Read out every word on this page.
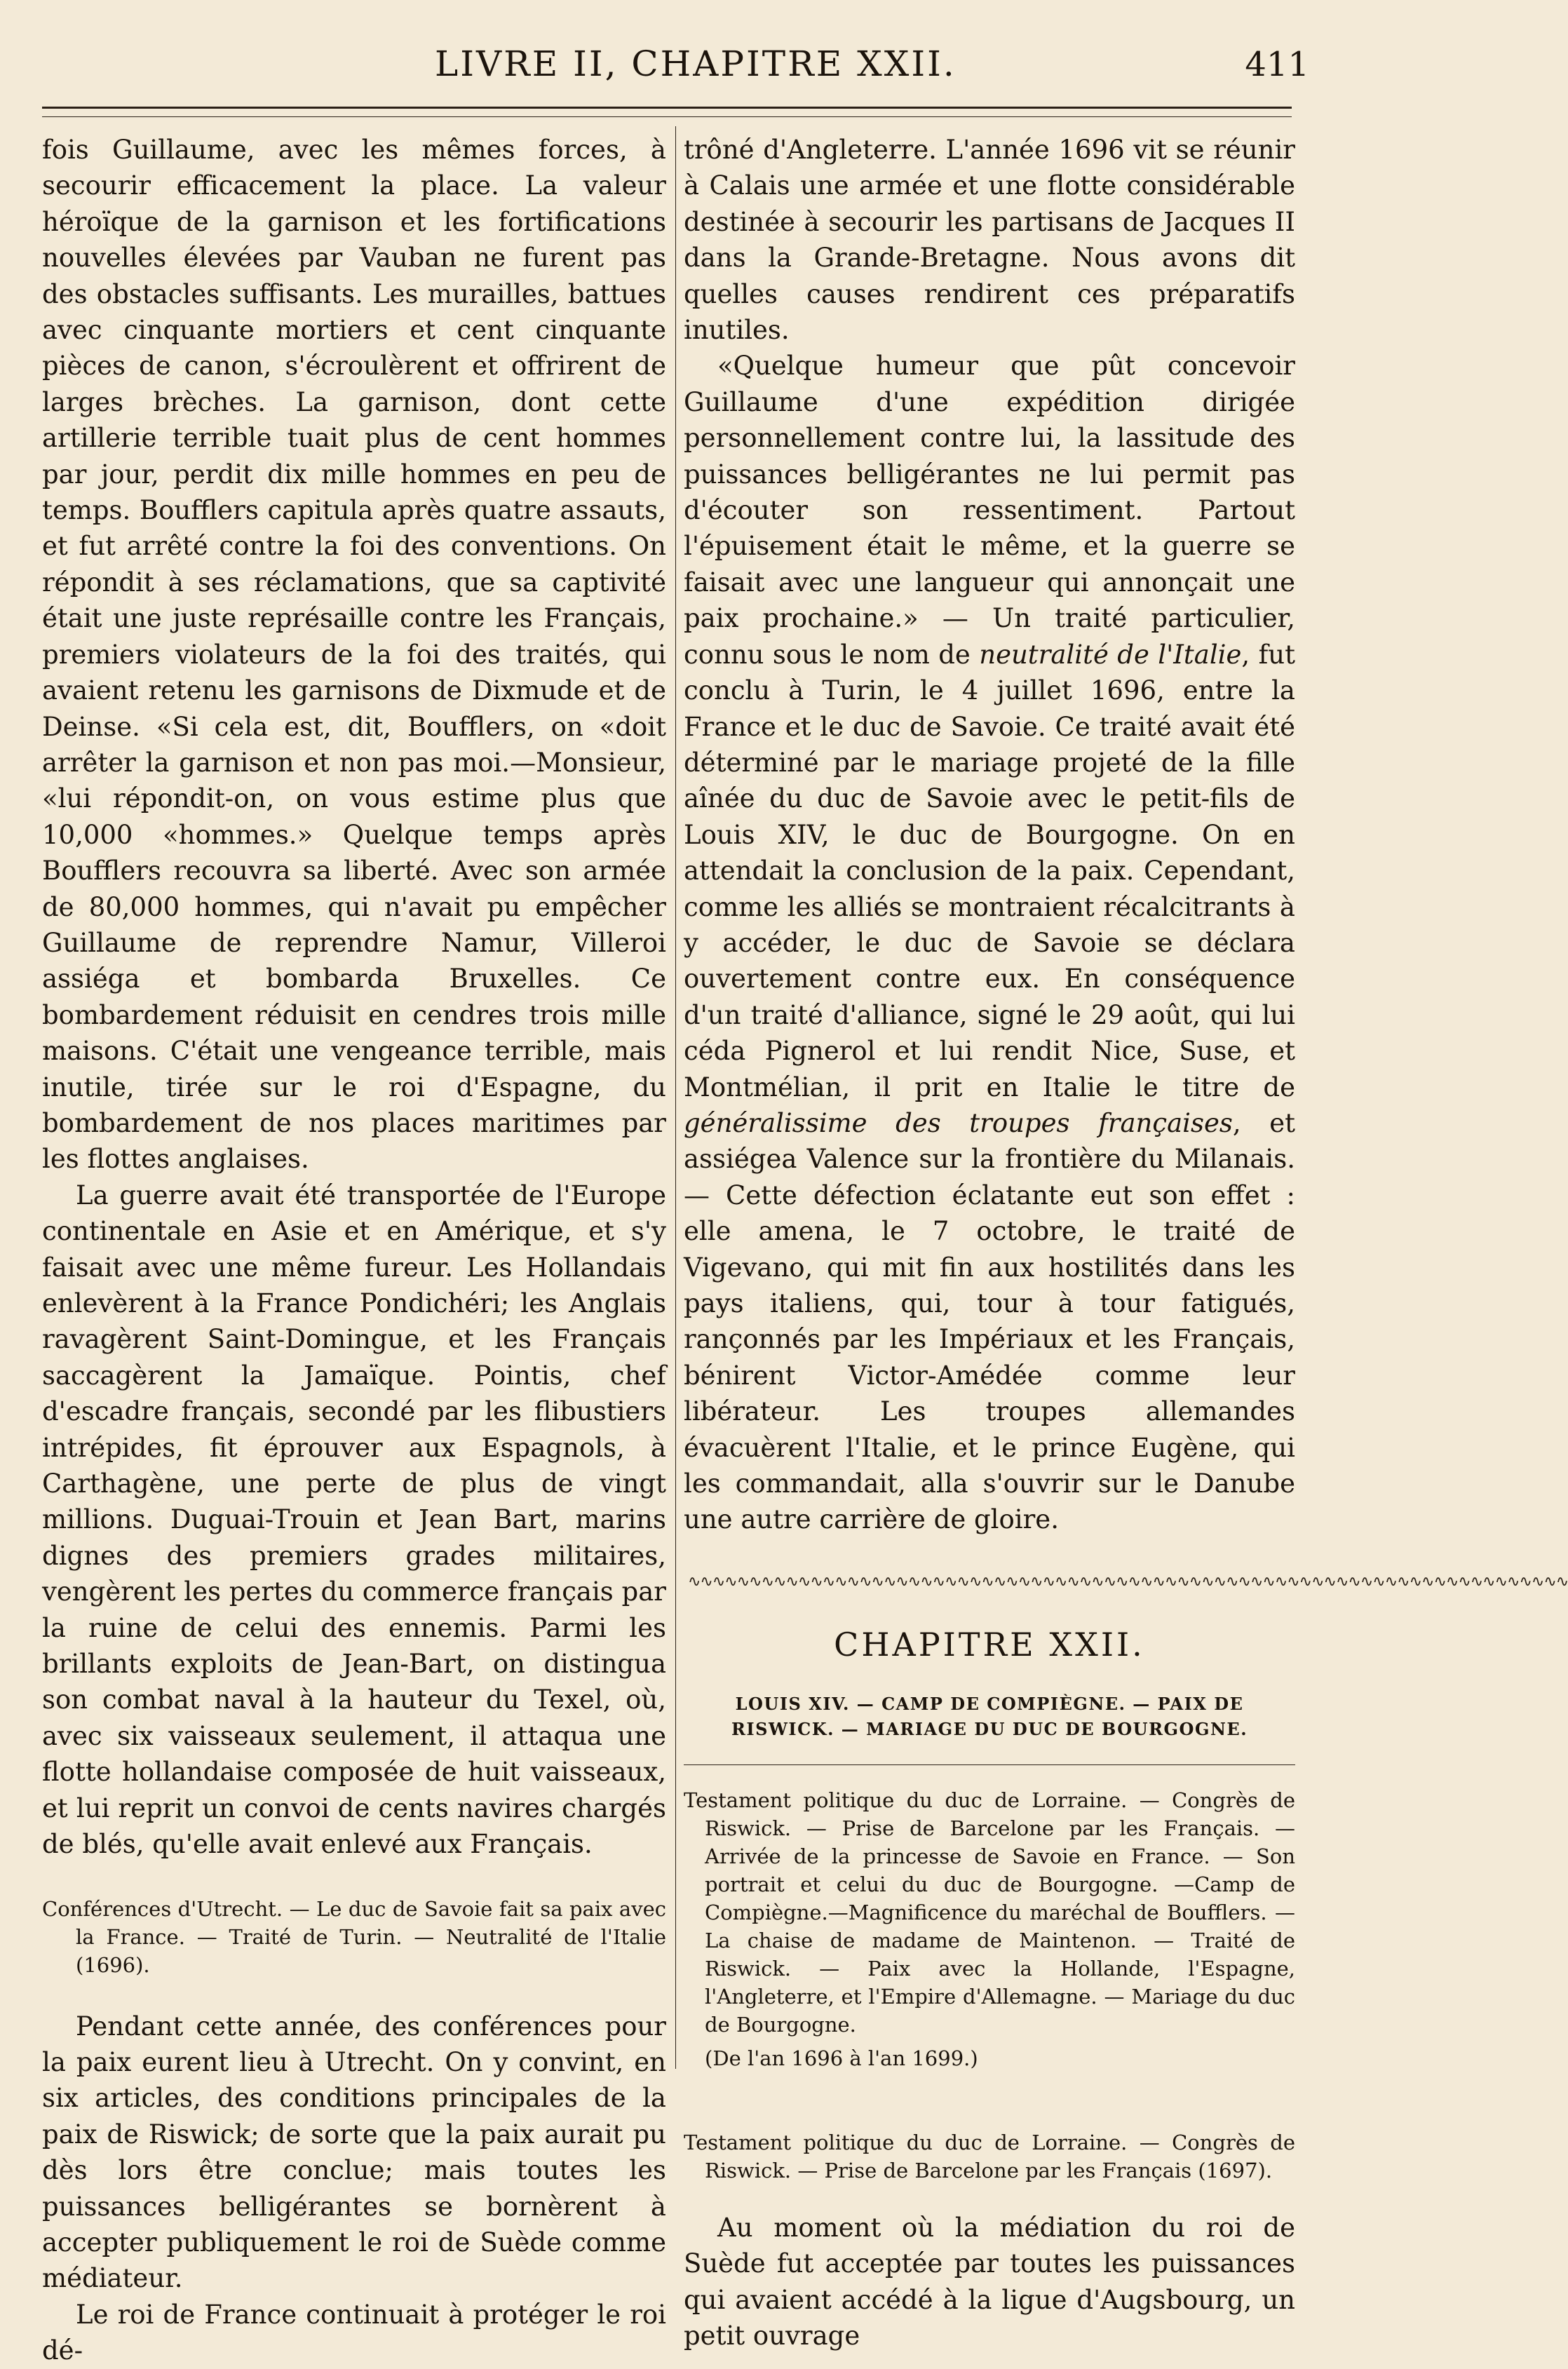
LIVRE II, CHAPITRE XXII.	411

fois Guillaume, avec les mêmes forces, à secourir efficacement la place. La valeur héroïque de la garnison et les fortifications nouvelles élevées par Vauban ne furent pas des obstacles suffisants. Les murailles, battues avec cinquante mortiers et cent cinquante pièces de canon, s'écroulèrent et offrirent de larges brèches. La garnison, dont cette artillerie terrible tuait plus de cent hommes par jour, perdit dix mille hommes en peu de temps. Boufflers capitula après quatre assauts, et fut arrêté contre la foi des conventions. On répondit à ses réclamations, que sa captivité était une juste représaille contre les Français, premiers violateurs de la foi des traités, qui avaient retenu les garnisons de Dixmude et de Deinse. «Si cela est, dit, Boufflers, on «doit arrêter la garnison et non pas moi.—Monsieur, «lui répondit-on, on vous estime plus que 10,000 «hommes.» Quelque temps après Boufflers recouvra sa liberté. Avec son armée de 80,000 hommes, qui n'avait pu empêcher Guillaume de reprendre Namur, Villeroi assiéga et bombarda Bruxelles. Ce bombardement réduisit en cendres trois mille maisons. C'était une vengeance terrible, mais inutile, tirée sur le roi d'Espagne, du bombardement de nos places maritimes par les flottes anglaises.

La guerre avait été transportée de l'Europe continentale en Asie et en Amérique, et s'y faisait avec une même fureur. Les Hollandais enlevèrent à la France Pondichéri; les Anglais ravagèrent Saint-Domingue, et les Français saccagèrent la Jamaïque. Pointis, chef d'escadre français, secondé par les flibustiers intrépides, fit éprouver aux Espagnols, à Carthagène, une perte de plus de vingt millions. Duguai-Trouin et Jean Bart, marins dignes des premiers grades militaires, vengèrent les pertes du commerce français par la ruine de celui des ennemis. Parmi les brillants exploits de Jean-Bart, on distingua son combat naval à la hauteur du Texel, où, avec six vaisseaux seulement, il attaqua une flotte hollandaise composée de huit vaisseaux, et lui reprit un convoi de cents navires chargés de blés, qu'elle avait enlevé aux Français.

Conférences d'Utrecht. — Le duc de Savoie fait sa paix avec la France. — Traité de Turin. — Neutralité de l'Italie (1696).

Pendant cette année, des conférences pour la paix eurent lieu à Utrecht. On y convint, en six articles, des conditions principales de la paix de Riswick; de sorte que la paix aurait pu dès lors être conclue; mais toutes les puissances belligérantes se bornèrent à accepter publiquement le roi de Suède comme médiateur.

Le roi de France continuait à protéger le roi dé-

trôné d'Angleterre. L'année 1696 vit se réunir à Calais une armée et une flotte considérable destinée à secourir les partisans de Jacques II dans la Grande-Bretagne. Nous avons dit quelles causes rendirent ces préparatifs inutiles.

«Quelque humeur que pût concevoir Guillaume d'une expédition dirigée personnellement contre lui, la lassitude des puissances belligérantes ne lui permit pas d'écouter son ressentiment. Partout l'épuisement était le même, et la guerre se faisait avec une langueur qui annonçait une paix prochaine.» — Un traité particulier, connu sous le nom de neutralité de l'Italie, fut conclu à Turin, le 4 juillet 1696, entre la France et le duc de Savoie. Ce traité avait été déterminé par le mariage projeté de la fille aînée du duc de Savoie avec le petit-fils de Louis XIV, le duc de Bourgogne. On en attendait la conclusion de la paix. Cependant, comme les alliés se montraient récalcitrants à y accéder, le duc de Savoie se déclara ouvertement contre eux. En conséquence d'un traité d'alliance, signé le 29 août, qui lui céda Pignerol et lui rendit Nice, Suse, et Montmélian, il prit en Italie le titre de généralissime des troupes françaises, et assiégea Valence sur la frontière du Milanais. — Cette défection éclatante eut son effet : elle amena, le 7 octobre, le traité de Vigevano, qui mit fin aux hostilités dans les pays italiens, qui, tour à tour fatigués, rançonnés par les Impériaux et les Français, bénirent Victor-Amédée comme leur libérateur. Les troupes allemandes évacuèrent l'Italie, et le prince Eugène, qui les commandait, alla s'ouvrir sur le Danube une autre carrière de gloire.

∿∿∿∿∿∿∿∿∿∿∿∿∿∿∿∿∿∿∿∿∿∿∿∿∿∿∿∿∿∿∿∿∿∿∿∿∿∿∿∿∿∿∿∿∿∿∿∿∿∿∿∿∿∿∿∿∿∿∿∿∿∿∿∿∿∿∿∿∿∿∿∿
CHAPITRE XXII.
LOUIS XIV. — CAMP DE COMPIÈGNE. — PAIX DE RISWICK. — MARIAGE DU DUC DE BOURGOGNE.

Testament politique du duc de Lorraine. — Congrès de Riswick. — Prise de Barcelone par les Français. — Arrivée de la princesse de Savoie en France. — Son portrait et celui du duc de Bourgogne. —Camp de Compiègne.—Magnificence du maréchal de Boufflers. —La chaise de madame de Maintenon. — Traité de Riswick. — Paix avec la Hollande, l'Espagne, l'Angleterre, et l'Empire d'Allemagne. — Mariage du duc de Bourgogne.

(De l'an 1696 à l'an 1699.)

Testament politique du duc de Lorraine. — Congrès de Riswick. — Prise de Barcelone par les Français (1697).

Au moment où la médiation du roi de Suède fut acceptée par toutes les puissances qui avaient accédé à la ligue d'Augsbourg, un petit ouvrage
